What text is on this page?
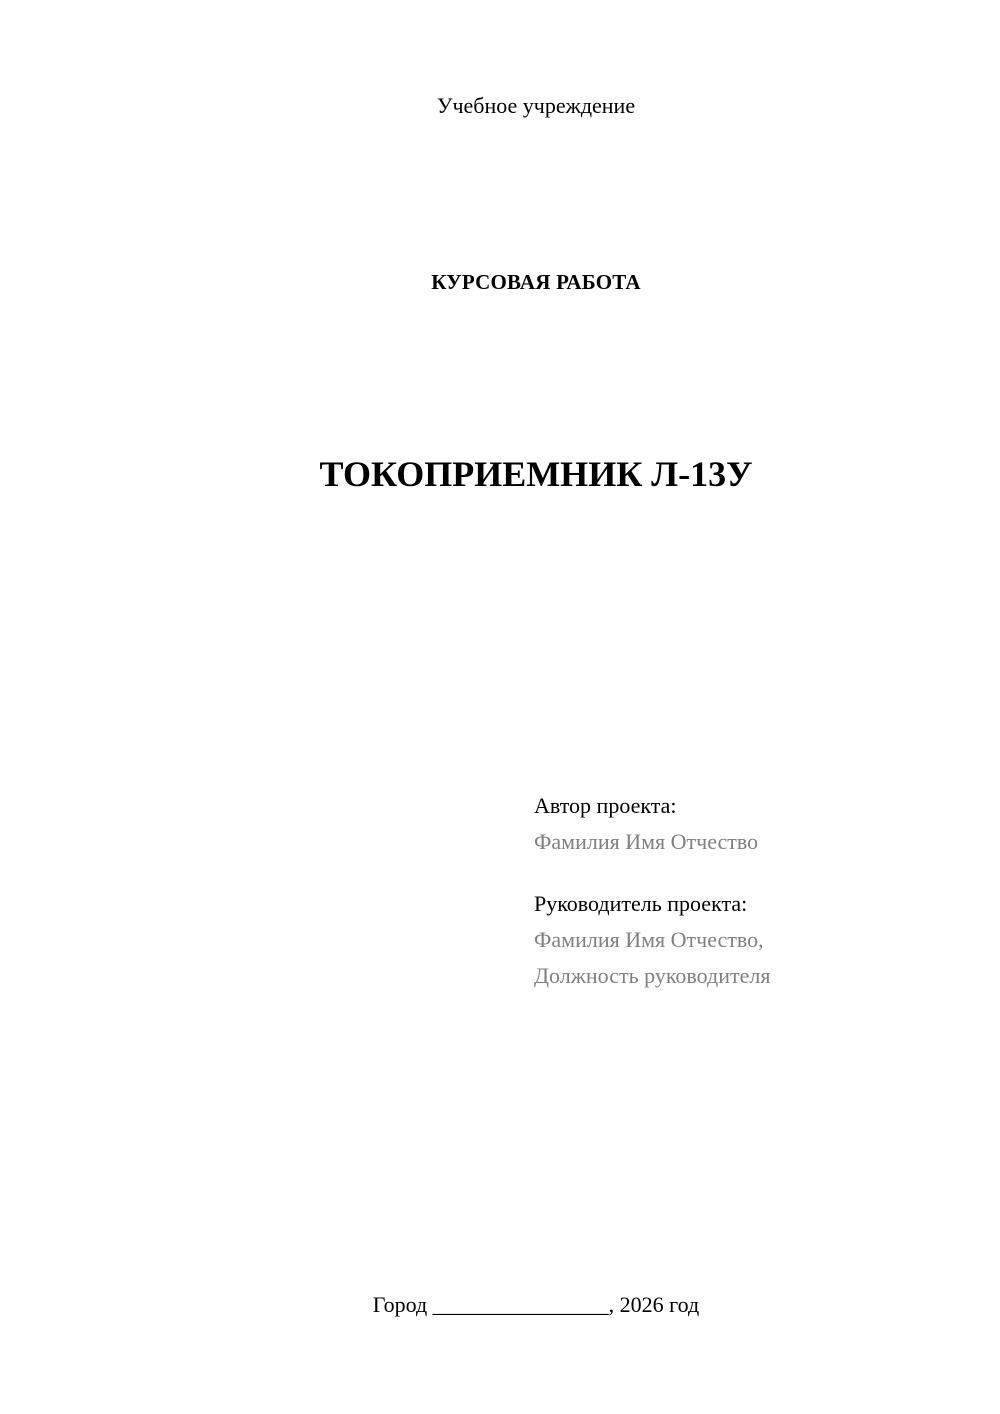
Учебное учреждение
КУРСОВАЯ РАБОТА
ТОКОПРИЕМНИК Л-13У
Автор проекта:
Фамилия Имя Отчество
Руководитель проекта:
Фамилия Имя Отчество,
Должность руководителя
Город ________________, 2026 год
